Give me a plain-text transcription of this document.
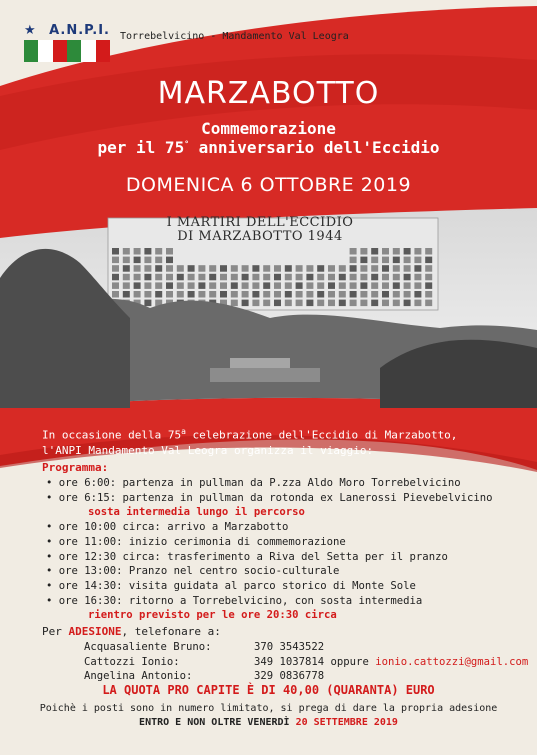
★	A.N.P.I. Torrebelvicino - Mandamento Val Leogra
MARZABOTTO
Commemorazione
per il 75° anniversario dell'Eccidio
DOMENICA 6 OTTOBRE 2019
I MARTIRI DELL'ECCIDIO
DI MARZABOTTO 1944
In occasione della 75$^a$ celebrazione dell'Eccidio di Marzabotto,
l'ANPI Mandamento Val Leogra organizza il viaggio:
Programma:
• ore 6:00: partenza in pullman da P.zza Aldo Moro Torrebelvicino
• ore 6:15: partenza in pullman da rotonda ex Lanerossi Pievebelvicino
sosta intermedia lungo il percorso
• ore 10:00 circa: arrivo a Marzabotto
• ore 11:00: inizio cerimonia di commemorazione
• ore 12:30 circa: trasferimento a Riva del Setta per il pranzo
• ore 13:00: Pranzo nel centro socio-culturale
• ore 14:30: visita guidata al parco storico di Monte Sole
• ore 16:30: ritorno a Torrebelvicino, con sosta intermedia
rientro previsto per le ore 20:30 circa
Per ADESIONE, telefonare a:
Acquasaliente Bruno:	370 3543522
Cattozzi Ionio:	349 1037814 oppure ionio.cattozzi@gmail.com
Angelina Antonio:	329 0836778
LA QUOTA PRO CAPITE È DI 40,00 (QUARANTA) EURO
Poichè i posti sono in numero limitato, si prega di dare la propria adesione
ENTRO E NON OLTRE VENERDÌ 20 SETTEMBRE 2019
